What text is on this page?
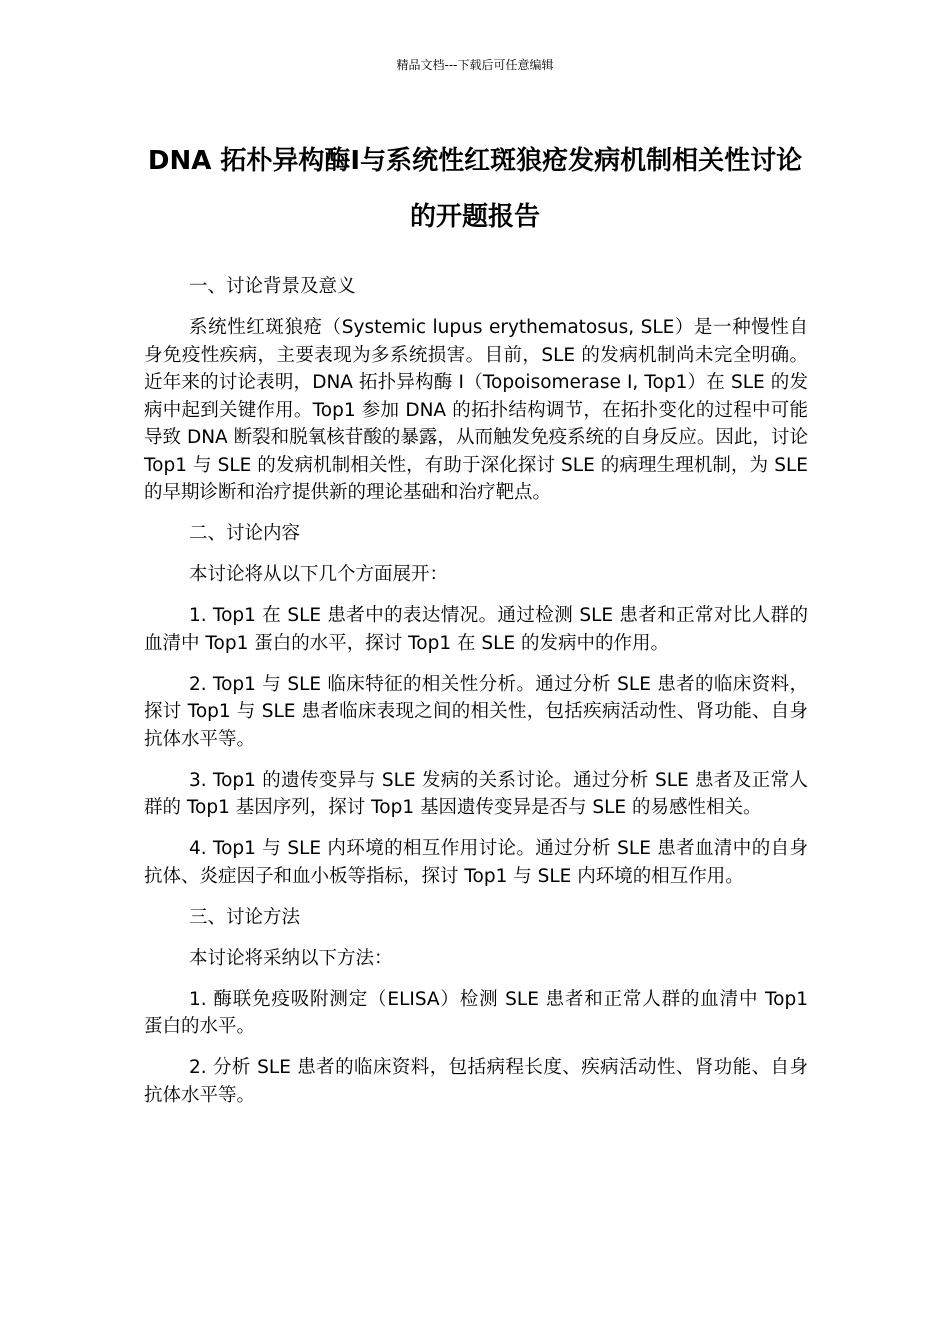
精品文档---下载后可任意编辑
DNA 拓朴异构酶Ⅰ与系统性红斑狼疮发病机制相关性讨论的开题报告

一、讨论背景及意义

系统性红斑狼疮（Systemic lupus erythematosus, SLE）是一种慢性自身免疫性疾病，主要表现为多系统损害。目前，SLE 的发病机制尚未完全明确。近年来的讨论表明，DNA 拓扑异构酶 I（Topoisomerase I, Top1）在 SLE 的发病中起到关键作用。Top1 参加 DNA 的拓扑结构调节，在拓扑变化的过程中可能导致 DNA 断裂和脱氧核苷酸的暴露，从而触发免疫系统的自身反应。因此，讨论 Top1 与 SLE 的发病机制相关性，有助于深化探讨 SLE 的病理生理机制，为 SLE 的早期诊断和治疗提供新的理论基础和治疗靶点。

二、讨论内容

本讨论将从以下几个方面展开：

1. Top1 在 SLE 患者中的表达情况。通过检测 SLE 患者和正常对比人群的血清中 Top1 蛋白的水平，探讨 Top1 在 SLE 的发病中的作用。

2. Top1 与 SLE 临床特征的相关性分析。通过分析 SLE 患者的临床资料，探讨 Top1 与 SLE 患者临床表现之间的相关性，包括疾病活动性、肾功能、自身抗体水平等。

3. Top1 的遗传变异与 SLE 发病的关系讨论。通过分析 SLE 患者及正常人群的 Top1 基因序列，探讨 Top1 基因遗传变异是否与 SLE 的易感性相关。

4. Top1 与 SLE 内环境的相互作用讨论。通过分析 SLE 患者血清中的自身抗体、炎症因子和血小板等指标，探讨 Top1 与 SLE 内环境的相互作用。

三、讨论方法

本讨论将采纳以下方法：

1. 酶联免疫吸附测定（ELISA）检测 SLE 患者和正常人群的血清中 Top1 蛋白的水平。

2. 分析 SLE 患者的临床资料，包括病程长度、疾病活动性、肾功能、自身抗体水平等。
